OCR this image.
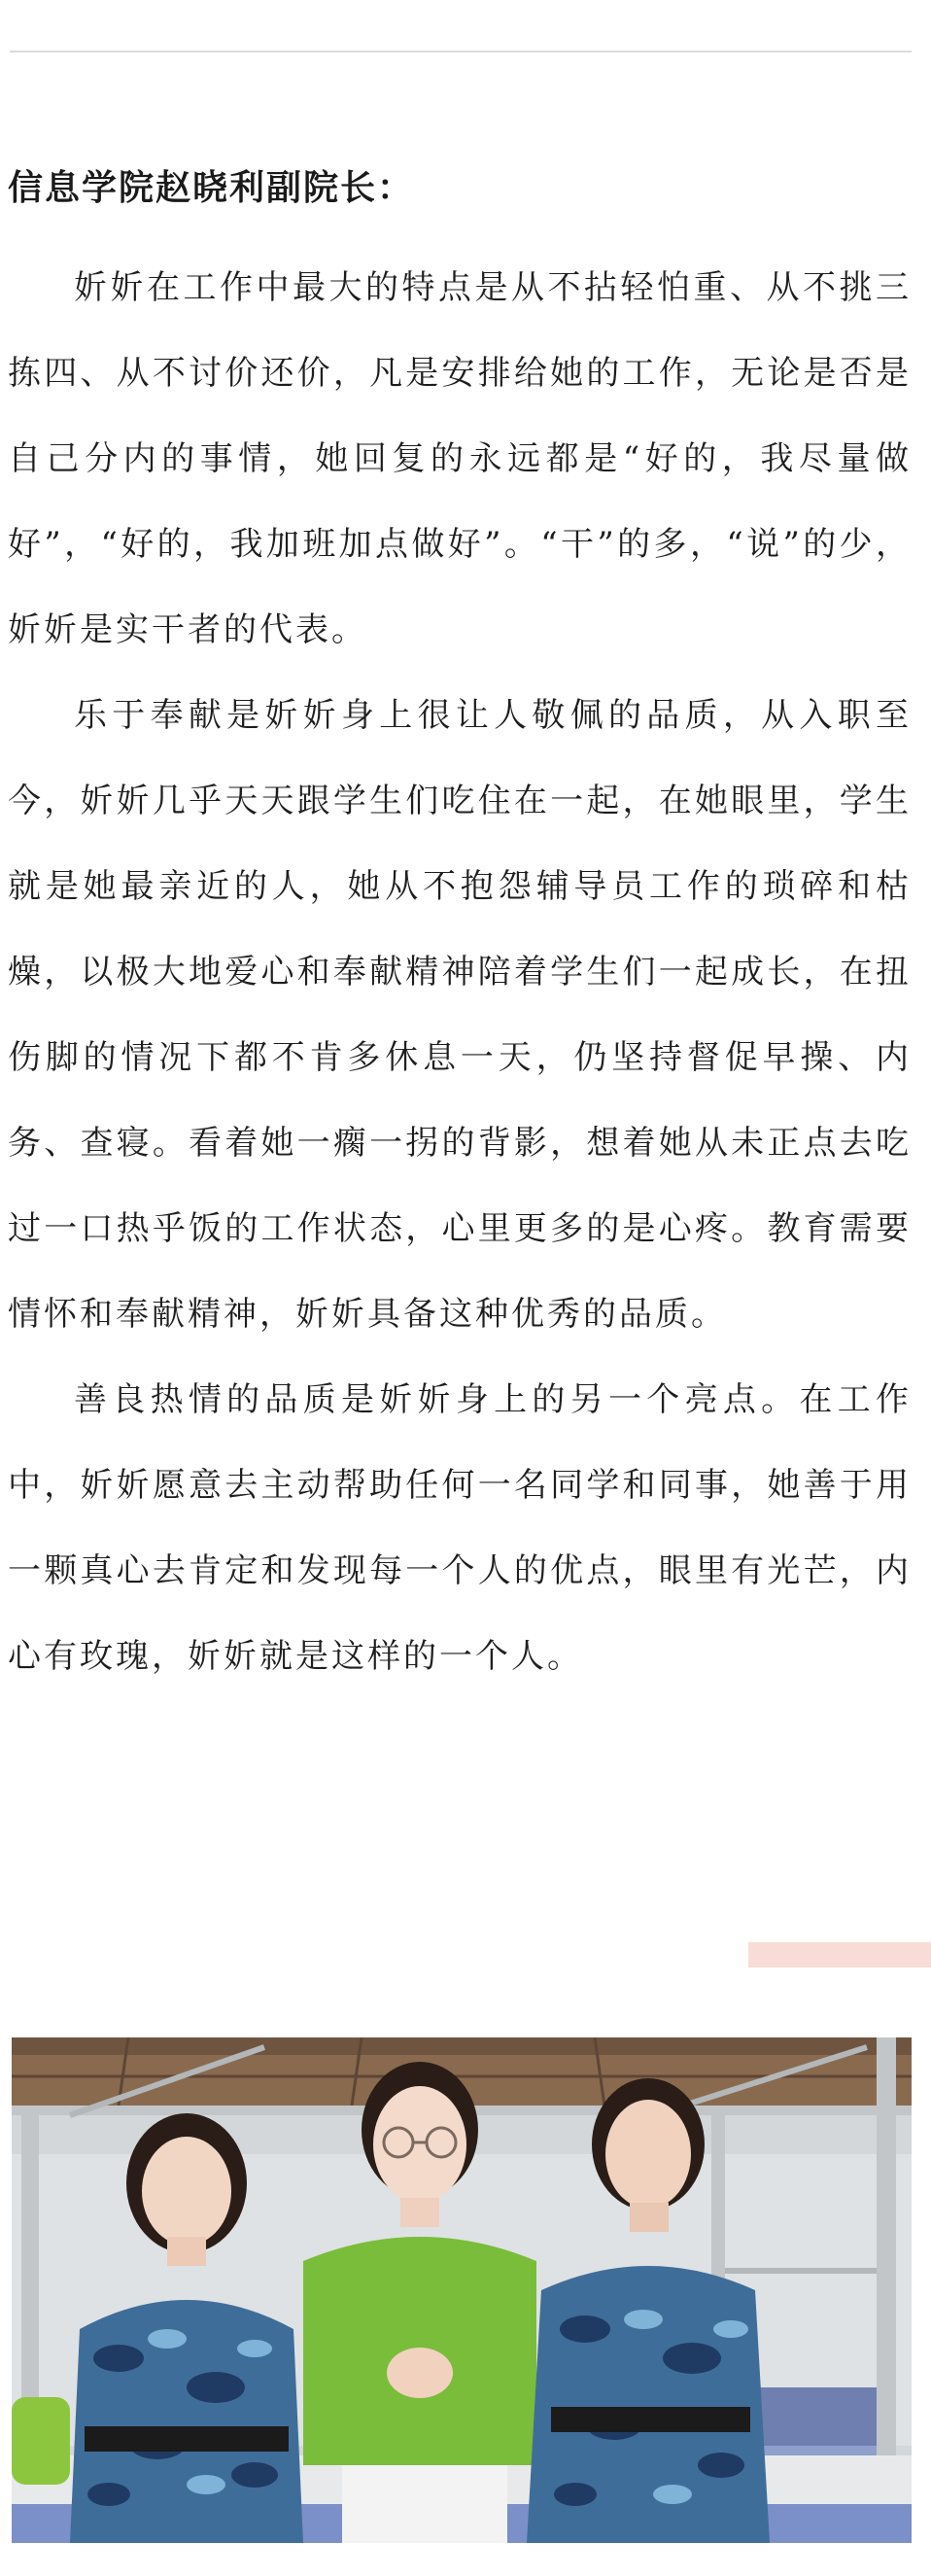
信息学院赵晓利副院长：

妡妡在工作中最大的特点是从不拈轻怕重、从不挑三拣四、从不讨价还价，凡是安排给她的工作，无论是否是自己分内的事情，她回复的永远都是“好的，我尽量做好”，“好的，我加班加点做好”。“干”的多，“说”的少，妡妡是实干者的代表。

乐于奉献是妡妡身上很让人敬佩的品质，从入职至今，妡妡几乎天天跟学生们吃住在一起，在她眼里，学生就是她最亲近的人，她从不抱怨辅导员工作的琐碎和枯燥，以极大地爱心和奉献精神陪着学生们一起成长，在扭伤脚的情况下都不肯多休息一天，仍坚持督促早操、内务、查寝。看着她一瘸一拐的背影，想着她从未正点去吃过一口热乎饭的工作状态，心里更多的是心疼。教育需要情怀和奉献精神，妡妡具备这种优秀的品质。

善良热情的品质是妡妡身上的另一个亮点。在工作中，妡妡愿意去主动帮助任何一名同学和同事，她善于用一颗真心去肯定和发现每一个人的优点，眼里有光芒，内心有玫瑰，妡妡就是这样的一个人。
